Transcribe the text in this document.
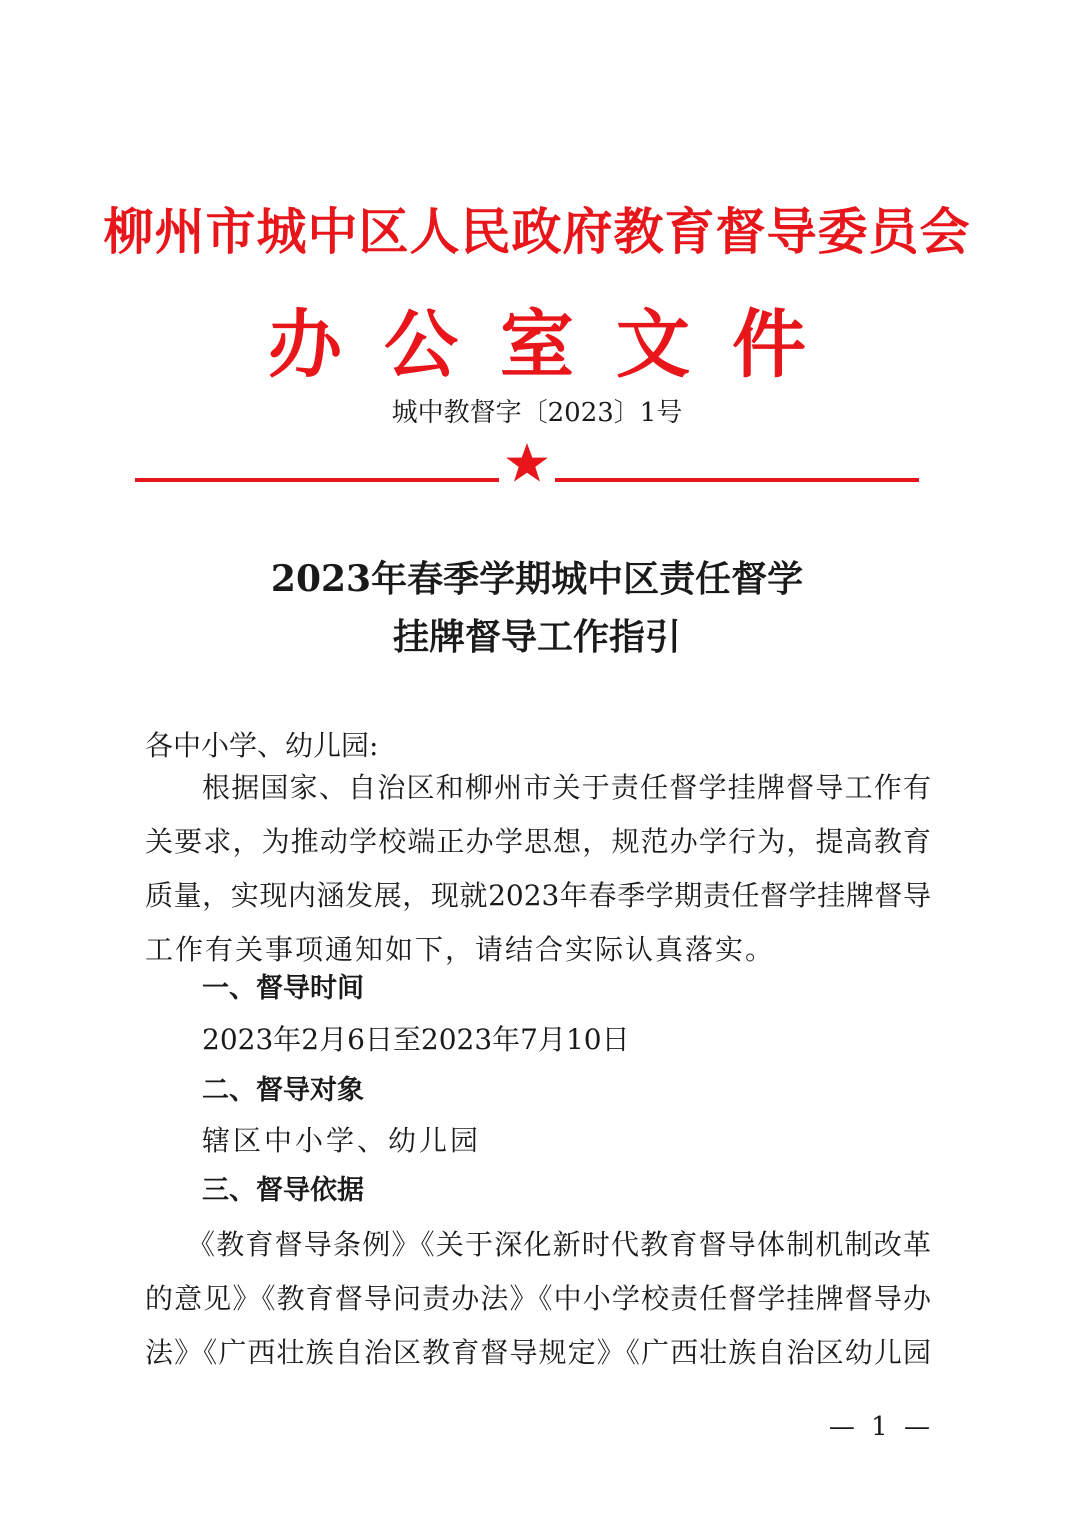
柳州市城中区人民政府教育督导委员会
办公室文件
城中教督字〔2023〕1号
2023年春季学期城中区责任督学
挂牌督导工作指引
各中小学、幼儿园:
根据国家、自治区和柳州市关于责任督学挂牌督导工作有
关要求，为推动学校端正办学思想，规范办学行为，提高教育
质量，实现内涵发展，现就2023年春季学期责任督学挂牌督导
工作有关事项通知如下，请结合实际认真落实。
一、督导时间
2023年2月6日至2023年7月10日
二、督导对象
辖区中小学、幼儿园
三、督导依据
《教育督导条例》《关于深化新时代教育督导体制机制改革
的意见》《教育督导问责办法》《中小学校责任督学挂牌督导办
法》《广西壮族自治区教育督导规定》《广西壮族自治区幼儿园
— 1 —
